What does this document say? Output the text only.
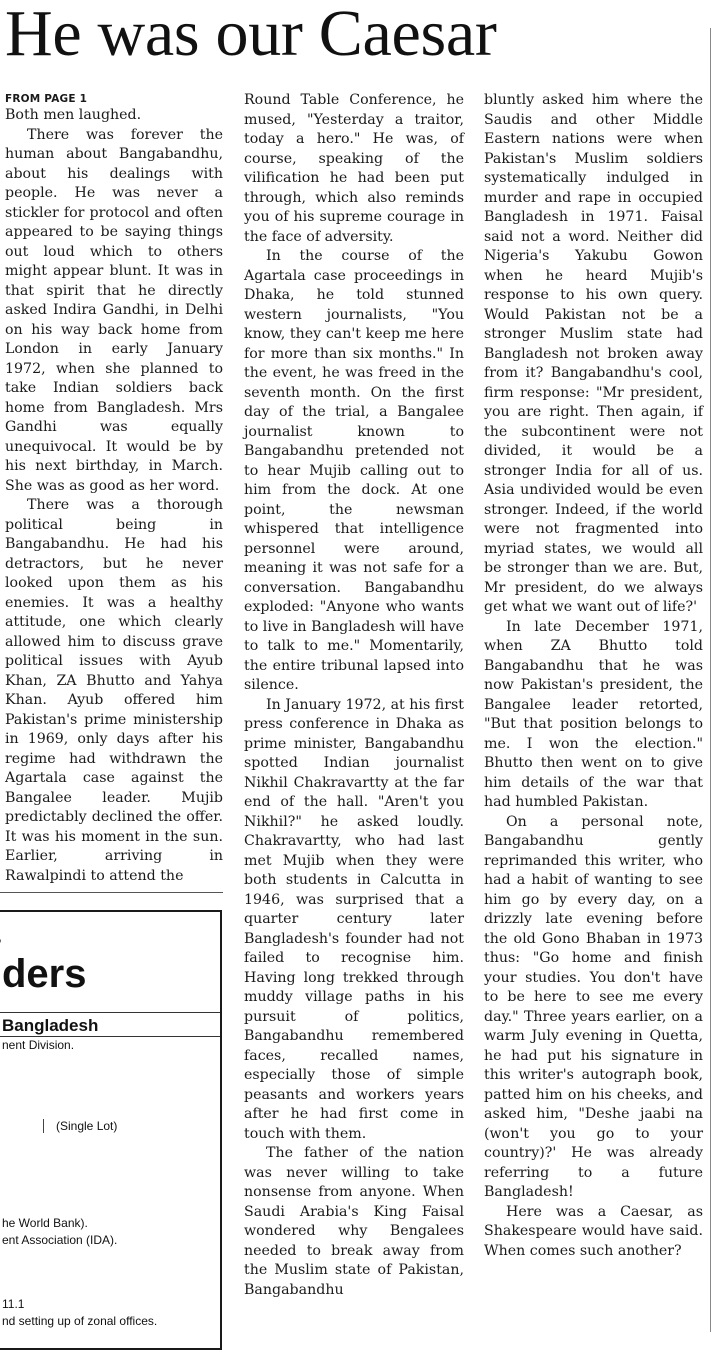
He was our Caesar
FROM PAGE 1

Both men laughed.

There was forever the human about Bangabandhu, about his dealings with people. He was never a stickler for protocol and often appeared to be saying things out loud which to others might appear blunt. It was in that spirit that he directly asked Indira Gandhi, in Delhi on his way back home from London in early January 1972, when she planned to take Indian soldiers back home from Bangladesh. Mrs Gandhi was equally unequivocal. It would be by his next birthday, in March. She was as good as her word.

There was a thorough political being in Bangabandhu. He had his detractors, but he never looked upon them as his enemies. It was a healthy attitude, one which clearly allowed him to discuss grave political issues with Ayub Khan, ZA Bhutto and Yahya Khan. Ayub offered him Pakistan's prime ministership in 1969, only days after his regime had withdrawn the Agartala case against the Bangalee leader. Mujib predictably declined the offer. It was his moment in the sun. Earlier, arriving in Rawalpindi to attend the

Round Table Conference, he mused, "Yesterday a traitor, today a hero." He was, of course, speaking of the vilification he had been put through, which also reminds you of his supreme courage in the face of adversity.

In the course of the Agartala case proceedings in Dhaka, he told stunned western journalists, "You know, they can't keep me here for more than six months." In the event, he was freed in the seventh month. On the first day of the trial, a Bangalee journalist known to Bangabandhu pretended not to hear Mujib calling out to him from the dock. At one point, the newsman whispered that intelligence personnel were around, meaning it was not safe for a conversation. Bangabandhu exploded: "Anyone who wants to live in Bangladesh will have to talk to me." Momentarily, the entire tribunal lapsed into silence.

In January 1972, at his first press conference in Dhaka as prime minister, Bangabandhu spotted Indian journalist Nikhil Chakravartty at the far end of the hall. "Aren't you Nikhil?" he asked loudly. Chakravartty, who had last met Mujib when they were both students in Calcutta in 1946, was surprised that a quarter century later Bangladesh's founder had not failed to recognise him. Having long trekked through muddy village paths in his pursuit of politics, Bangabandhu remembered faces, recalled names, especially those of simple peasants and workers years after he had first come in touch with them.

The father of the nation was never willing to take nonsense from anyone. When Saudi Arabia's King Faisal wondered why Bengalees needed to break away from the Muslim state of Pakistan, Bangabandhu

bluntly asked him where the Saudis and other Middle Eastern nations were when Pakistan's Muslim soldiers systematically indulged in murder and rape in occupied Bangladesh in 1971. Faisal said not a word. Neither did Nigeria's Yakubu Gowon when he heard Mujib's response to his own query. Would Pakistan not be a stronger Muslim state had Bangladesh not broken away from it? Bangabandhu's cool, firm response: "Mr president, you are right. Then again, if the subcontinent were not divided, it would be a stronger India for all of us. Asia undivided would be even stronger. Indeed, if the world were not fragmented into myriad states, we would all be stronger than we are. But, Mr president, do we always get what we want out of life?'

In late December 1971, when ZA Bhutto told Bangabandhu that he was now Pakistan's president, the Bangalee leader retorted, "But that position belongs to me. I won the election." Bhutto then went on to give him details of the war that had humbled Pakistan.

On a personal note, Bangabandhu gently reprimanded this writer, who had a habit of wanting to see him go by every day, on a drizzly late evening before the old Gono Bhaban in 1973 thus: "Go home and finish your studies. You don't have to be here to see me every day." Three years earlier, on a warm July evening in Quetta, he had put his signature in this writer's autograph book, patted him on his cheeks, and asked him, "Deshe jaabi na (won't you go to your country)?' He was already referring to a future Bangladesh!

Here was a Caesar, as Shakespeare would have said. When comes such another?

ders
Bangladesh
nent Division.
(Single Lot)
he World Bank).
ent Association (IDA).
11.1
nd setting up of zonal offices.
